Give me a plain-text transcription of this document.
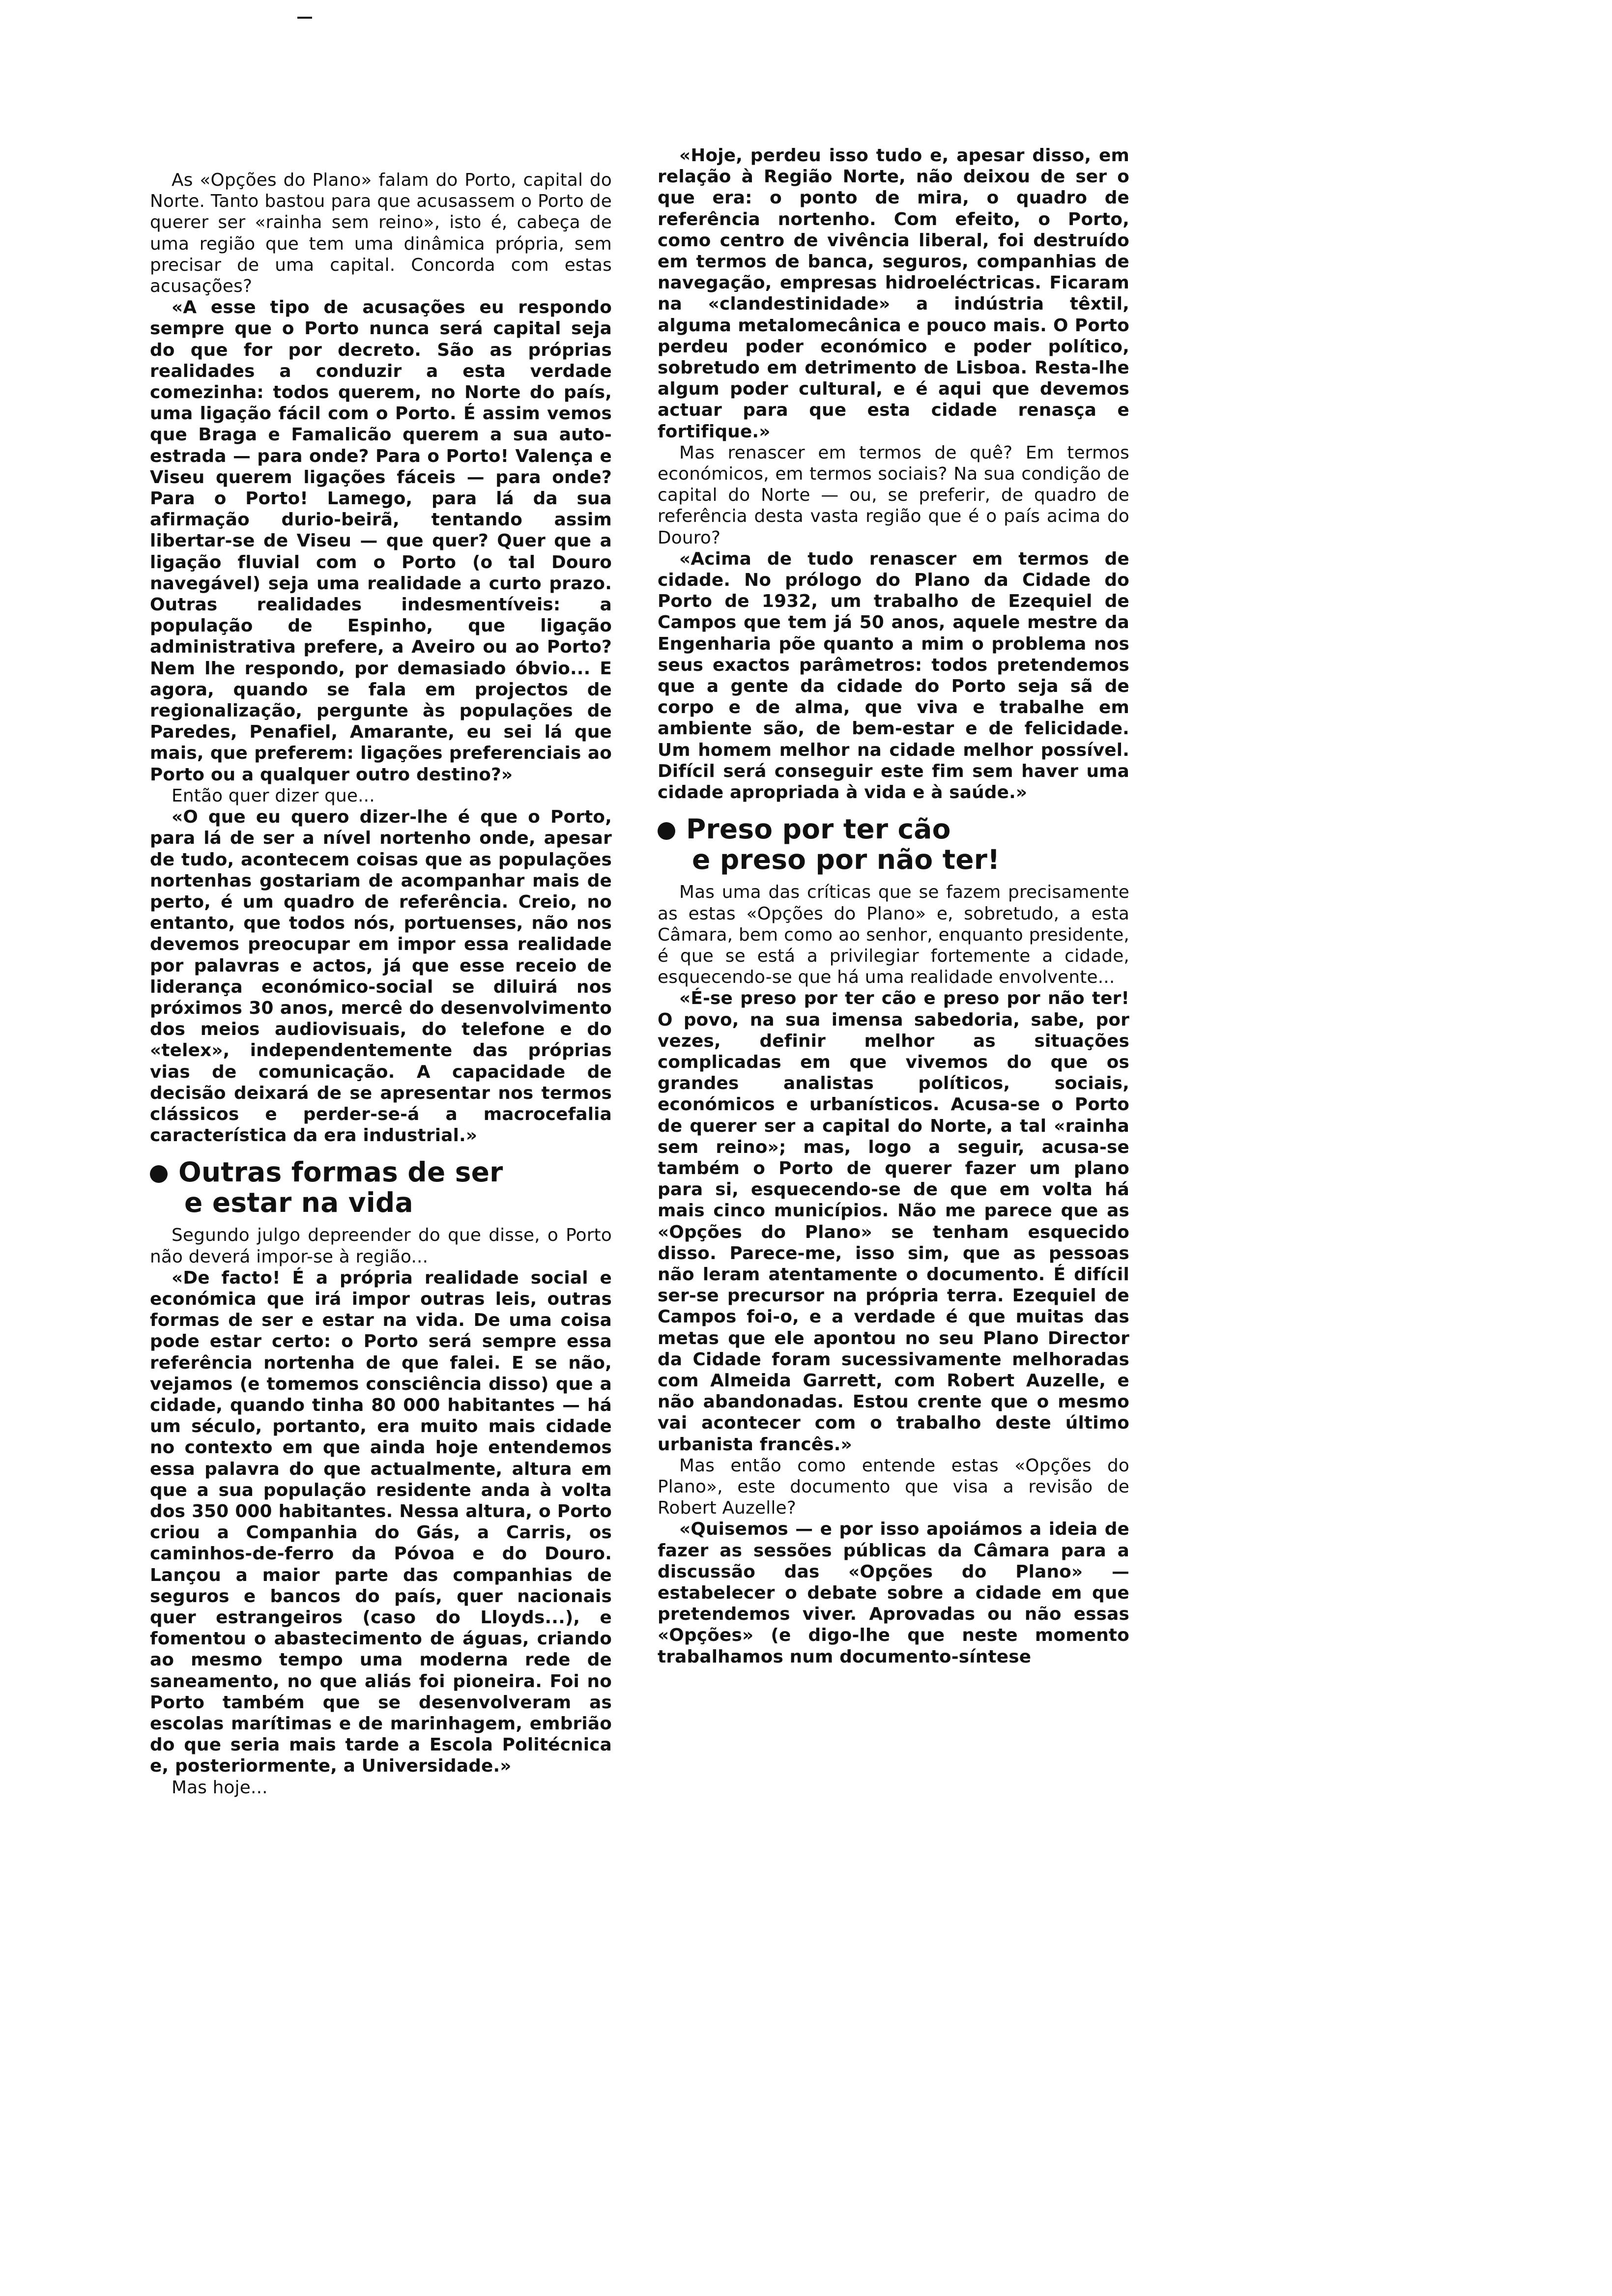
As «Opções do Plano» falam do Porto, capital do Norte. Tanto bastou para que acusassem o Porto de querer ser «rainha sem reino», isto é, cabeça de uma região que tem uma dinâmica própria, sem precisar de uma capital. Concorda com estas acusações?

«A esse tipo de acusações eu respondo sempre que o Porto nunca será capital seja do que for por decreto. São as próprias realidades a conduzir a esta verdade comezinha: todos querem, no Norte do país, uma ligação fácil com o Porto. É assim vemos que Braga e Famalicão querem a sua auto-estrada — para onde? Para o Porto! Valença e Viseu querem ligações fáceis — para onde? Para o Porto! Lamego, para lá da sua afirmação durio-beirã, tentando assim libertar-se de Viseu — que quer? Quer que a ligação fluvial com o Porto (o tal Douro navegável) seja uma realidade a curto prazo. Outras realidades indesmentíveis: a população de Espinho, que ligação administrativa prefere, a Aveiro ou ao Porto? Nem lhe respondo, por demasiado óbvio... E agora, quando se fala em projectos de regionalização, pergunte às populações de Paredes, Penafiel, Amarante, eu sei lá que mais, que preferem: ligações preferenciais ao Porto ou a qualquer outro destino?»

Então quer dizer que...

«O que eu quero dizer-lhe é que o Porto, para lá de ser a nível nortenho onde, apesar de tudo, acontecem coisas que as populações nortenhas gostariam de acompanhar mais de perto, é um quadro de referência. Creio, no entanto, que todos nós, portuenses, não nos devemos preocupar em impor essa realidade por palavras e actos, já que esse receio de liderança económico-social se diluirá nos próximos 30 anos, mercê do desenvolvimento dos meios audiovisuais, do telefone e do «telex», independentemente das próprias vias de comunicação. A capacidade de decisão deixará de se apresentar nos termos clássicos e perder-se-á a macrocefalia característica da era industrial.»

Outras formas de ser
e estar na vida

Segundo julgo depreender do que disse, o Porto não deverá impor-se à região...

«De facto! É a própria realidade social e económica que irá impor outras leis, outras formas de ser e estar na vida. De uma coisa pode estar certo: o Porto será sempre essa referência nortenha de que falei. E se não, vejamos (e tomemos consciência disso) que a cidade, quando tinha 80 000 habitantes — há um século, portanto, era muito mais cidade no contexto em que ainda hoje entendemos essa palavra do que actualmente, altura em que a sua população residente anda à volta dos 350 000 habitantes. Nessa altura, o Porto criou a Companhia do Gás, a Carris, os caminhos-de-ferro da Póvoa e do Douro. Lançou a maior parte das companhias de seguros e bancos do país, quer nacionais quer estrangeiros (caso do Lloyds...), e fomentou o abastecimento de águas, criando ao mesmo tempo uma moderna rede de saneamento, no que aliás foi pioneira. Foi no Porto também que se desenvolveram as escolas marítimas e de marinhagem, embrião do que seria mais tarde a Escola Politécnica e, posteriormente, a Universidade.»

Mas hoje...

«Hoje, perdeu isso tudo e, apesar disso, em relação à Região Norte, não deixou de ser o que era: o ponto de mira, o quadro de referência nortenho. Com efeito, o Porto, como centro de vivência liberal, foi destruído em termos de banca, seguros, companhias de navegação, empresas hidroeléctricas. Ficaram na «clandestinidade» a indústria têxtil, alguma metalomecânica e pouco mais. O Porto perdeu poder económico e poder político, sobretudo em detrimento de Lisboa. Resta-lhe algum poder cultural, e é aqui que devemos actuar para que esta cidade renasça e fortifique.»

Mas renascer em termos de quê? Em termos económicos, em termos sociais? Na sua condição de capital do Norte — ou, se preferir, de quadro de referência desta vasta região que é o país acima do Douro?

«Acima de tudo renascer em termos de cidade. No prólogo do Plano da Cidade do Porto de 1932, um trabalho de Ezequiel de Campos que tem já 50 anos, aquele mestre da Engenharia põe quanto a mim o problema nos seus exactos parâmetros: todos pretendemos que a gente da cidade do Porto seja sã de corpo e de alma, que viva e trabalhe em ambiente são, de bem-estar e de felicidade. Um homem melhor na cidade melhor possível. Difícil será conseguir este fim sem haver uma cidade apropriada à vida e à saúde.»

Preso por ter cão
e preso por não ter!

Mas uma das críticas que se fazem precisamente as estas «Opções do Plano» e, sobretudo, a esta Câmara, bem como ao senhor, enquanto presidente, é que se está a privilegiar fortemente a cidade, esquecendo-se que há uma realidade envolvente...

«É-se preso por ter cão e preso por não ter! O povo, na sua imensa sabedoria, sabe, por vezes, definir melhor as situações complicadas em que vivemos do que os grandes analistas políticos, sociais, económicos e urbanísticos. Acusa-se o Porto de querer ser a capital do Norte, a tal «rainha sem reino»; mas, logo a seguir, acusa-se também o Porto de querer fazer um plano para si, esquecendo-se de que em volta há mais cinco municípios. Não me parece que as «Opções do Plano» se tenham esquecido disso. Parece-me, isso sim, que as pessoas não leram atentamente o documento. É difícil ser-se precursor na própria terra. Ezequiel de Campos foi-o, e a verdade é que muitas das metas que ele apontou no seu Plano Director da Cidade foram sucessivamente melhoradas com Almeida Garrett, com Robert Auzelle, e não abandonadas. Estou crente que o mesmo vai acontecer com o trabalho deste último urbanista francês.»

Mas então como entende estas «Opções do Plano», este documento que visa a revisão de Robert Auzelle?

«Quisemos — e por isso apoiámos a ideia de fazer as sessões públicas da Câmara para a discussão das «Opções do Plano» — estabelecer o debate sobre a cidade em que pretendemos viver. Aprovadas ou não essas «Opções» (e digo-lhe que neste momento trabalhamos num documento-síntese
